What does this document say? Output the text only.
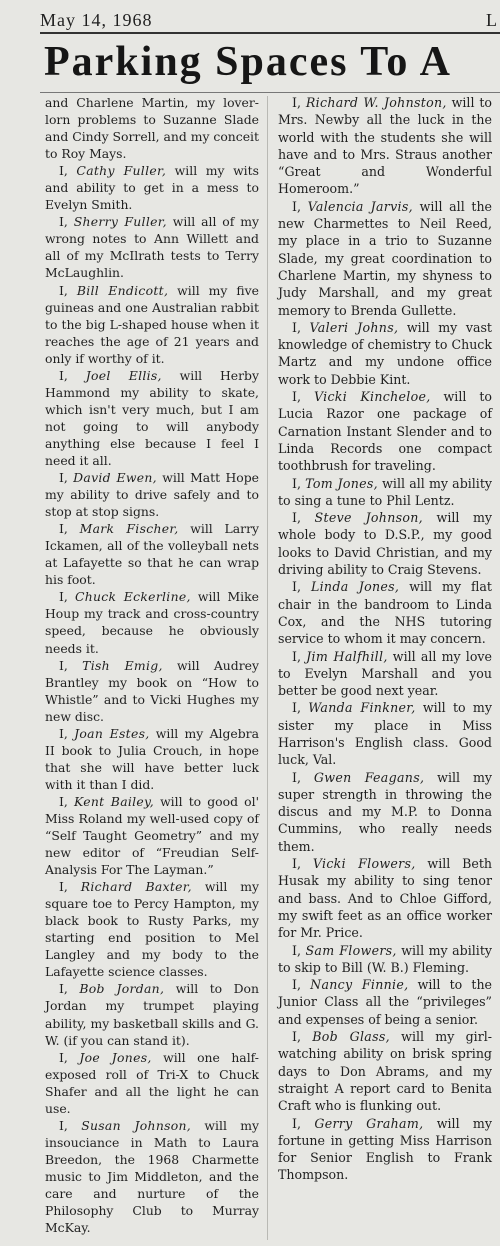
May 14, 1968	L
Parking Spaces To A

and Charlene Martin, my lover-lorn problems to Suzanne Slade and Cindy Sorrell, and my conceit to Roy Mays.

I, Cathy Fuller, will my wits and ability to get in a mess to Evelyn Smith.

I, Sherry Fuller, will all of my wrong notes to Ann Willett and all of my McIlrath tests to Terry McLaughlin.

I, Bill Endicott, will my five guineas and one Australian rabbit to the big L-shaped house when it reaches the age of 21 years and only if worthy of it.

I, Joel Ellis, will Herby Hammond my ability to skate, which isn't very much, but I am not going to will anybody anything else because I feel I need it all.

I, David Ewen, will Matt Hope my ability to drive safely and to stop at stop signs.

I, Mark Fischer, will Larry Ickamen, all of the volleyball nets at Lafayette so that he can wrap his foot.

I, Chuck Eckerline, will Mike Houp my track and cross-country speed, because he obviously needs it.

I, Tish Emig, will Audrey Brantley my book on “How to Whistle” and to Vicki Hughes my new disc.

I, Joan Estes, will my Algebra II book to Julia Crouch, in hope that she will have better luck with it than I did.

I, Kent Bailey, will to good ol' Miss Roland my well-used copy of “Self Taught Geometry” and my new editor of “Freudian Self-Analysis For The Layman.”

I, Richard Baxter, will my square toe to Percy Hampton, my black book to Rusty Parks, my starting end position to Mel Langley and my body to the Lafayette science classes.

I, Bob Jordan, will to Don Jordan my trumpet playing ability, my basketball skills and G. W. (if you can stand it).

I, Joe Jones, will one half-exposed roll of Tri-X to Chuck Shafer and all the light he can use.

I, Susan Johnson, will my insouciance in Math to Laura Breedon, the 1968 Charmette music to Jim Middleton, and the care and nurture of the Philosophy Club to Murray McKay.

I, Richard W. Johnston, will to Mrs. Newby all the luck in the world with the students she will have and to Mrs. Straus another “Great and Wonderful Homeroom.”

I, Valencia Jarvis, will all the new Charmettes to Neil Reed, my place in a trio to Suzanne Slade, my great coordination to Charlene Martin, my shyness to Judy Marshall, and my great memory to Brenda Gullette.

I, Valeri Johns, will my vast knowledge of chemistry to Chuck Martz and my undone office work to Debbie Kint.

I, Vicki Kincheloe, will to Lucia Razor one package of Carnation Instant Slender and to Linda Records one compact toothbrush for traveling.

I, Tom Jones, will all my ability to sing a tune to Phil Lentz.

I, Steve Johnson, will my whole body to D.S.P., my good looks to David Christian, and my driving ability to Craig Stevens.

I, Linda Jones, will my flat chair in the bandroom to Linda Cox, and the NHS tutoring service to whom it may concern.

I, Jim Halfhill, will all my love to Evelyn Marshall and you better be good next year.

I, Wanda Finkner, will to my sister my place in Miss Harrison's English class. Good luck, Val.

I, Gwen Feagans, will my super strength in throwing the discus and my M.P. to Donna Cummins, who really needs them.

I, Vicki Flowers, will Beth Husak my ability to sing tenor and bass. And to Chloe Gifford, my swift feet as an office worker for Mr. Price.

I, Sam Flowers, will my ability to skip to Bill (W. B.) Fleming.

I, Nancy Finnie, will to the Junior Class all the “privileges” and expenses of being a senior.

I, Bob Glass, will my girl-watching ability on brisk spring days to Don Abrams, and my straight A report card to Benita Craft who is flunking out.

I, Gerry Graham, will my fortune in getting Miss Harrison for Senior English to Frank Thompson.
